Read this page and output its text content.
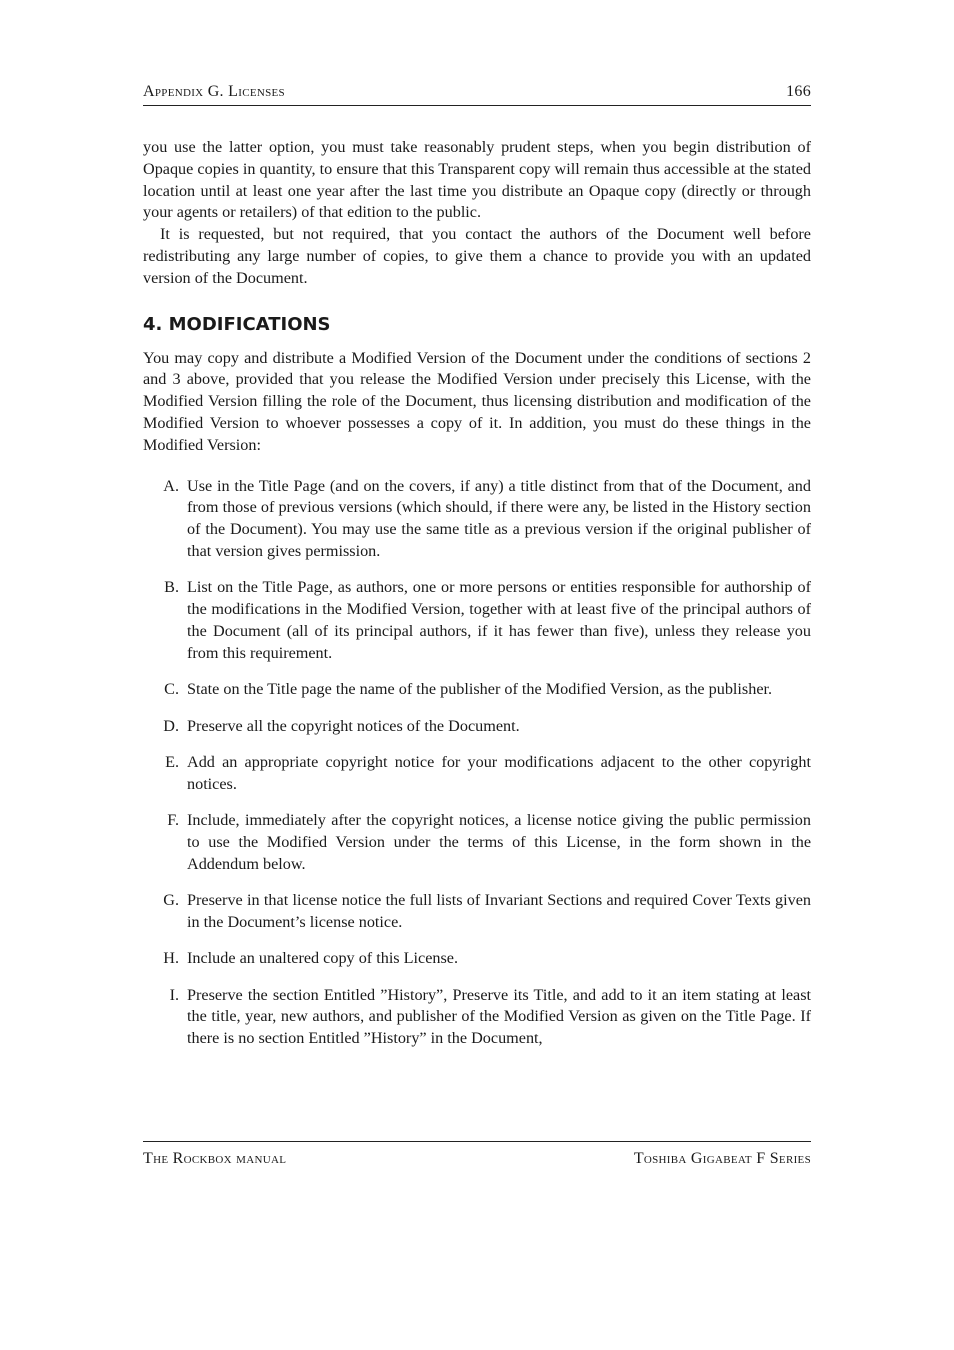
Appendix G. Licenses	166

you use the latter option, you must take reasonably prudent steps, when you begin distribution of Opaque copies in quantity, to ensure that this Transparent copy will remain thus accessible at the stated location until at least one year after the last time you distribute an Opaque copy (directly or through your agents or retailers) of that edition to the public.

It is requested, but not required, that you contact the authors of the Document well before redistributing any large number of copies, to give them a chance to provide you with an updated version of the Document.

4. MODIFICATIONS

You may copy and distribute a Modified Version of the Document under the conditions of sections 2 and 3 above, provided that you release the Modified Version under precisely this License, with the Modified Version filling the role of the Document, thus licensing distribution and modification of the Modified Version to whoever possesses a copy of it. In addition, you must do these things in the Modified Version:

A. Use in the Title Page (and on the covers, if any) a title distinct from that of the Document, and from those of previous versions (which should, if there were any, be listed in the History section of the Document). You may use the same title as a previous version if the original publisher of that version gives permission.
B. List on the Title Page, as authors, one or more persons or entities responsible for authorship of the modifications in the Modified Version, together with at least five of the principal authors of the Document (all of its principal authors, if it has fewer than five), unless they release you from this requirement.
C. State on the Title page the name of the publisher of the Modified Version, as the publisher.
D. Preserve all the copyright notices of the Document.
E. Add an appropriate copyright notice for your modifications adjacent to the other copyright notices.
F. Include, immediately after the copyright notices, a license notice giving the public permission to use the Modified Version under the terms of this License, in the form shown in the Addendum below.
G. Preserve in that license notice the full lists of Invariant Sections and required Cover Texts given in the Document’s license notice.
H. Include an unaltered copy of this License.
I. Preserve the section Entitled ”History”, Preserve its Title, and add to it an item stating at least the title, year, new authors, and publisher of the Modified Version as given on the Title Page. If there is no section Entitled ”History” in the Document,
The Rockbox manual	Toshiba Gigabeat F Series
